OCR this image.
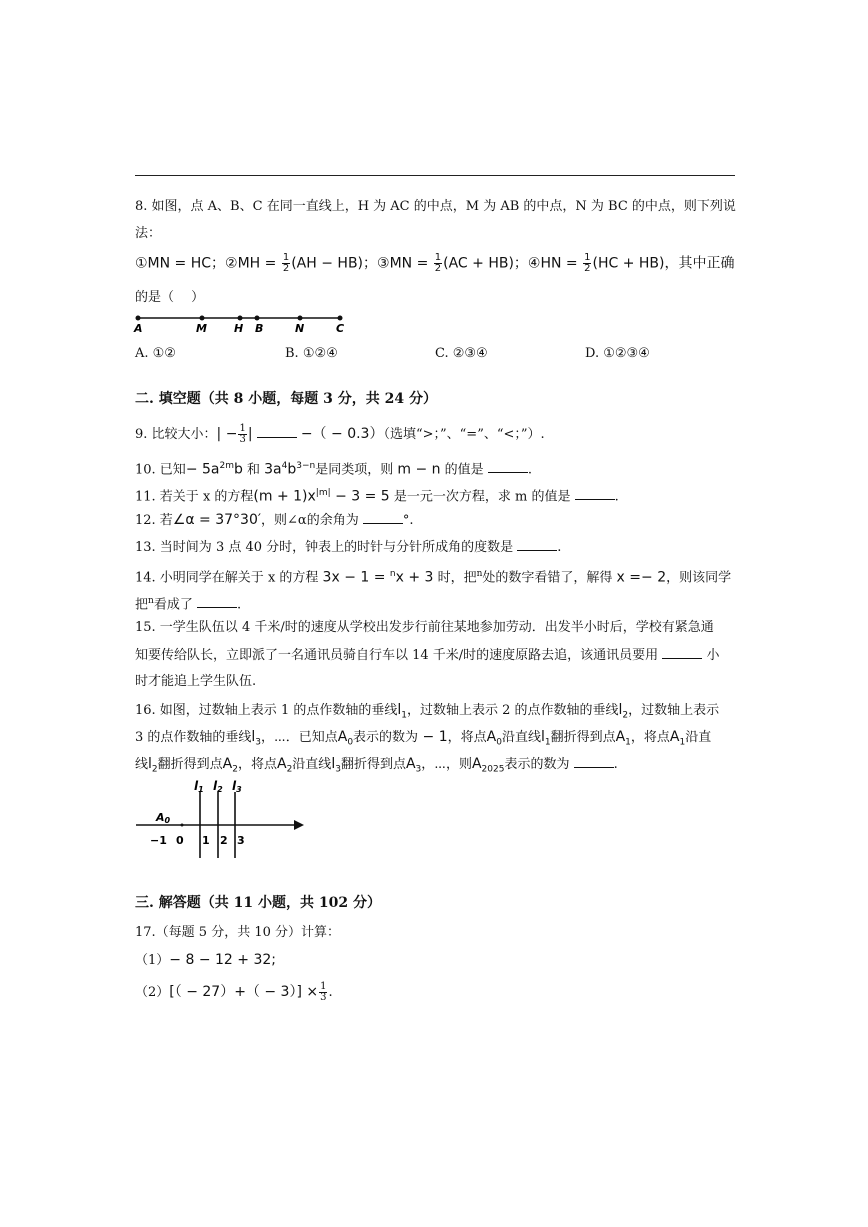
8. 如图，点 A、B、C 在同一直线上，H 为 AC 的中点，M 为 AB 的中点，N 为 BC 的中点，则下列说
法：
①MN = HC；②MH = $\frac{1}{2} (AH - HB)$；③MN = $\frac{1}{2} (AC + HB)$；④HN = $\frac{1}{2} (HC + HB)$，其中正确
的是（　 ）
A	M H B	N	C
A. ①②	B. ①②④	C. ②③④	D. ①②③④
二. 填空题（共 8 小题，每题 3 分，共 24 分）
9. 比较大小：| − $\frac{1}{3}$ |	−（ − 0.3）（选填“>；”、“=”、“<；”）.
10. 已知− $5a^{2m}b$ 和 $3a^4b^{3-n}$是同类项，则 m − n 的值是	.
11. 若关于 x 的方程$(m + 1)x^{|m|} - 3 = 5$ 是一元一次方程，求 m 的值是	.
12. 若∠α = 37°30′，则∠α的余角为	°.
13. 当时间为 3 点 40 分时，钟表上的时针与分针所成角的度数是	.
14. 小明同学在解关于 x 的方程 3x − 1 = $^n$x + 3 时，把$^n$处的数字看错了，解得 x =− 2，则该同学
把$^n$看成了	.
15. 一学生队伍以 4 千米/时的速度从学校出发步行前往某地参加劳动．出发半小时后，学校有紧急通
知要传给队长，立即派了一名通讯员骑自行车以 14 千米/时的速度原路去追，该通讯员要用	小
时才能追上学生队伍.
16. 如图，过数轴上表示 1 的点作数轴的垂线$l_1$，过数轴上表示 2 的点作数轴的垂线$l_2$，过数轴上表示
3 的点作数轴的垂线$l_3$，⋯．已知点$A_0$表示的数为 − 1，将点$A_0$沿直线$l_1$翻折得到点$A_1$，将点$A_1$沿直
线$l_2$翻折得到点$A_2$，将点$A_2$沿直线$l_3$翻折得到点$A_3$，⋯，则$A_{2025}$表示的数为	.
l1 l2 l3
A0
−1 0 1 2 3
三. 解答题（共 11 小题，共 102 分）
17.（每题 5 分，共 10 分）计算：
（1）− 8 − 12 + 32;
$(2)[( - 27)+( - 3)] \times \frac{1}{3}$ .
